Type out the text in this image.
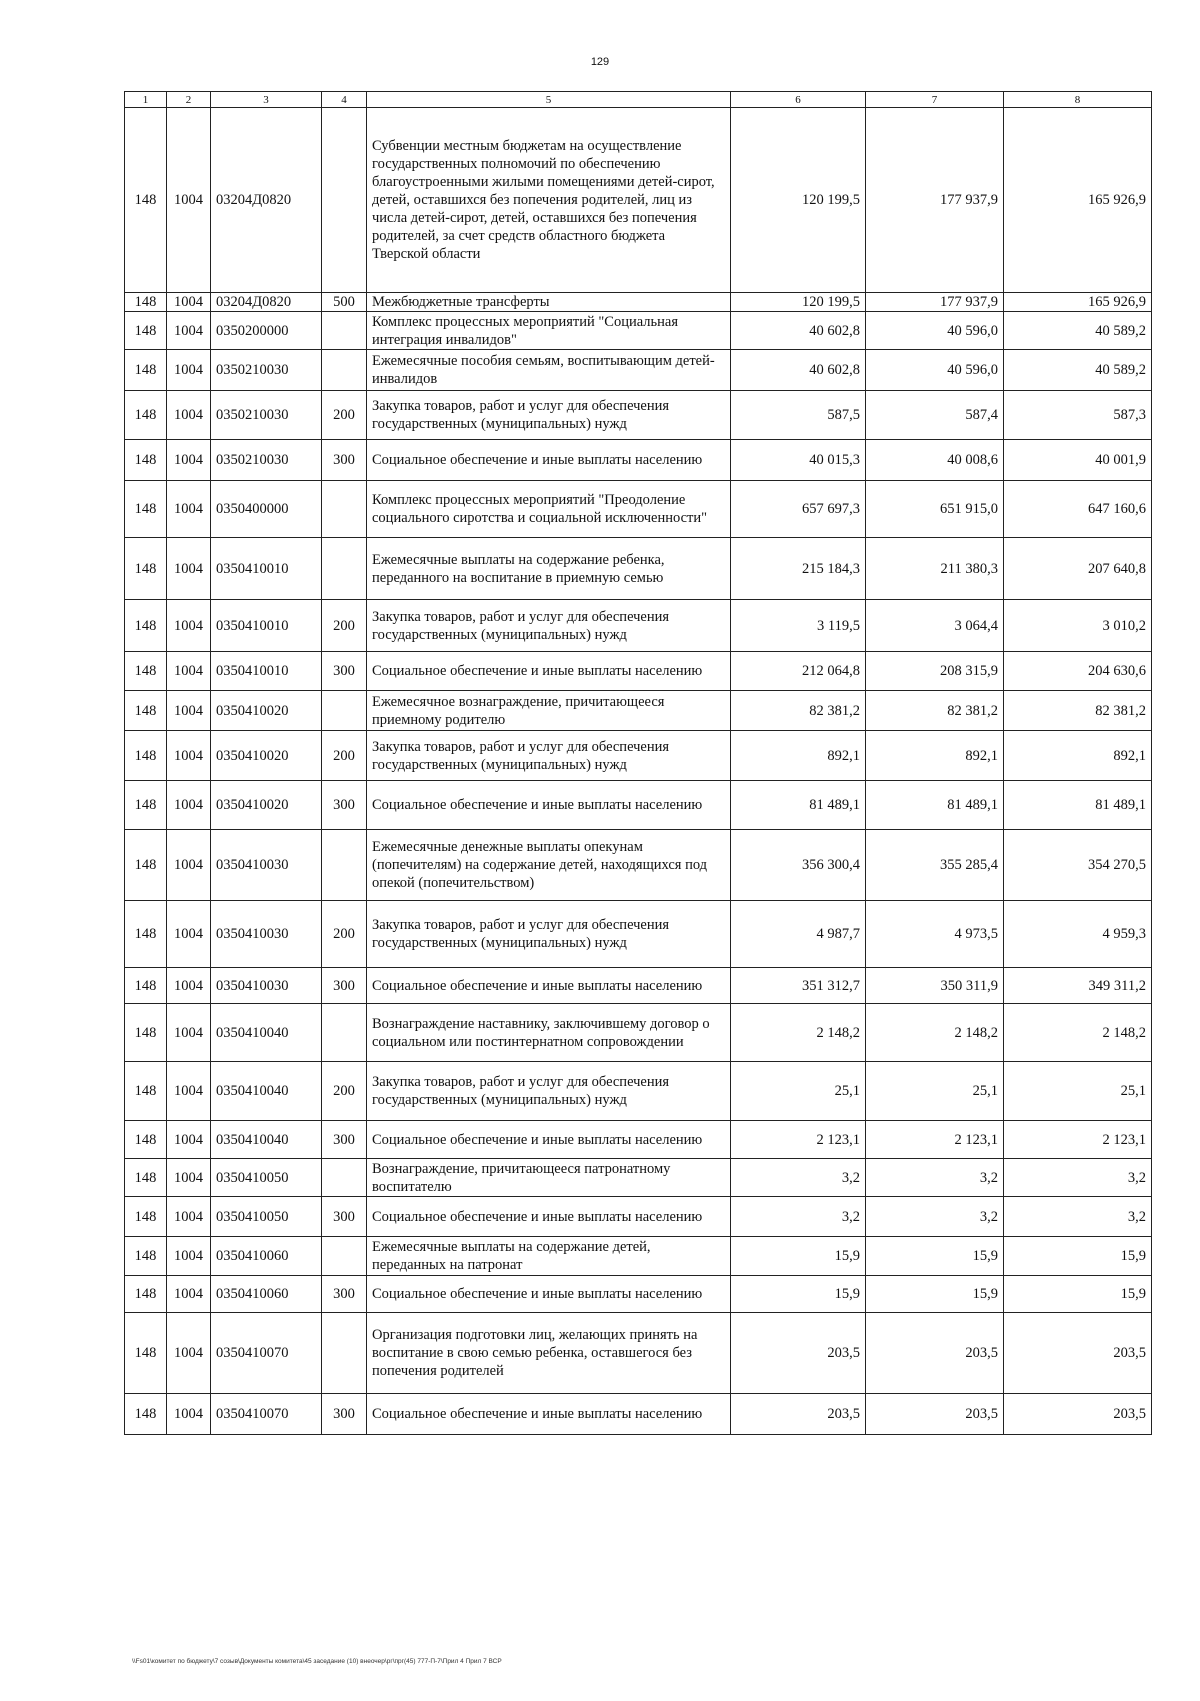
129
1	2	3	4	5	6	7	8
148	1004	03204Д0820		Субвенции местным бюджетам на осуществление государственных полномочий по обеспечению благоустроенными жилыми помещениями детей-сирот, детей, оставшихся без попечения родителей, лиц из числа детей-сирот, детей, оставшихся без попечения родителей, за счет средств областного бюджета Тверской области	120 199,5	177 937,9	165 926,9
148	1004	03204Д0820	500	Межбюджетные трансферты	120 199,5	177 937,9	165 926,9
148	1004	0350200000		Комплекс процессных мероприятий "Социальная интеграция инвалидов"	40 602,8	40 596,0	40 589,2
148	1004	0350210030		Ежемесячные пособия семьям, воспитывающим детей-инвалидов	40 602,8	40 596,0	40 589,2
148	1004	0350210030	200	Закупка товаров, работ и услуг для обеспечения государственных (муниципальных) нужд	587,5	587,4	587,3
148	1004	0350210030	300	Социальное обеспечение и иные выплаты населению	40 015,3	40 008,6	40 001,9
148	1004	0350400000		Комплекс процессных мероприятий "Преодоление социального сиротства и социальной исключенности"	657 697,3	651 915,0	647 160,6
148	1004	0350410010		Ежемесячные выплаты на содержание ребенка, переданного на воспитание в приемную семью	215 184,3	211 380,3	207 640,8
148	1004	0350410010	200	Закупка товаров, работ и услуг для обеспечения государственных (муниципальных) нужд	3 119,5	3 064,4	3 010,2
148	1004	0350410010	300	Социальное обеспечение и иные выплаты населению	212 064,8	208 315,9	204 630,6
148	1004	0350410020		Ежемесячное вознаграждение, причитающееся приемному родителю	82 381,2	82 381,2	82 381,2
148	1004	0350410020	200	Закупка товаров, работ и услуг для обеспечения государственных (муниципальных) нужд	892,1	892,1	892,1
148	1004	0350410020	300	Социальное обеспечение и иные выплаты населению	81 489,1	81 489,1	81 489,1
148	1004	0350410030		Ежемесячные денежные выплаты опекунам (попечителям) на содержание детей, находящихся под опекой (попечительством)	356 300,4	355 285,4	354 270,5
148	1004	0350410030	200	Закупка товаров, работ и услуг для обеспечения государственных (муниципальных) нужд	4 987,7	4 973,5	4 959,3
148	1004	0350410030	300	Социальное обеспечение и иные выплаты населению	351 312,7	350 311,9	349 311,2
148	1004	0350410040		Вознаграждение наставнику, заключившему договор о социальном или постинтернатном сопровождении	2 148,2	2 148,2	2 148,2
148	1004	0350410040	200	Закупка товаров, работ и услуг для обеспечения государственных (муниципальных) нужд	25,1	25,1	25,1
148	1004	0350410040	300	Социальное обеспечение и иные выплаты населению	2 123,1	2 123,1	2 123,1
148	1004	0350410050		Вознаграждение, причитающееся патронатному воспитателю	3,2	3,2	3,2
148	1004	0350410050	300	Социальное обеспечение и иные выплаты населению	3,2	3,2	3,2
148	1004	0350410060		Ежемесячные выплаты на содержание детей, переданных на патронат	15,9	15,9	15,9
148	1004	0350410060	300	Социальное обеспечение и иные выплаты населению	15,9	15,9	15,9
148	1004	0350410070		Организация подготовки лиц, желающих принять на воспитание в свою семью ребенка, оставшегося без попечения родителей	203,5	203,5	203,5
148	1004	0350410070	300	Социальное обеспечение и иные выплаты населению	203,5	203,5	203,5
\\Fs01\комитет по бюджету\7 созыв\Документы комитета\45 заседание (10) внеочер\рг\прг(45) 777-П-7\Прил 4 Прил 7 ВСР
